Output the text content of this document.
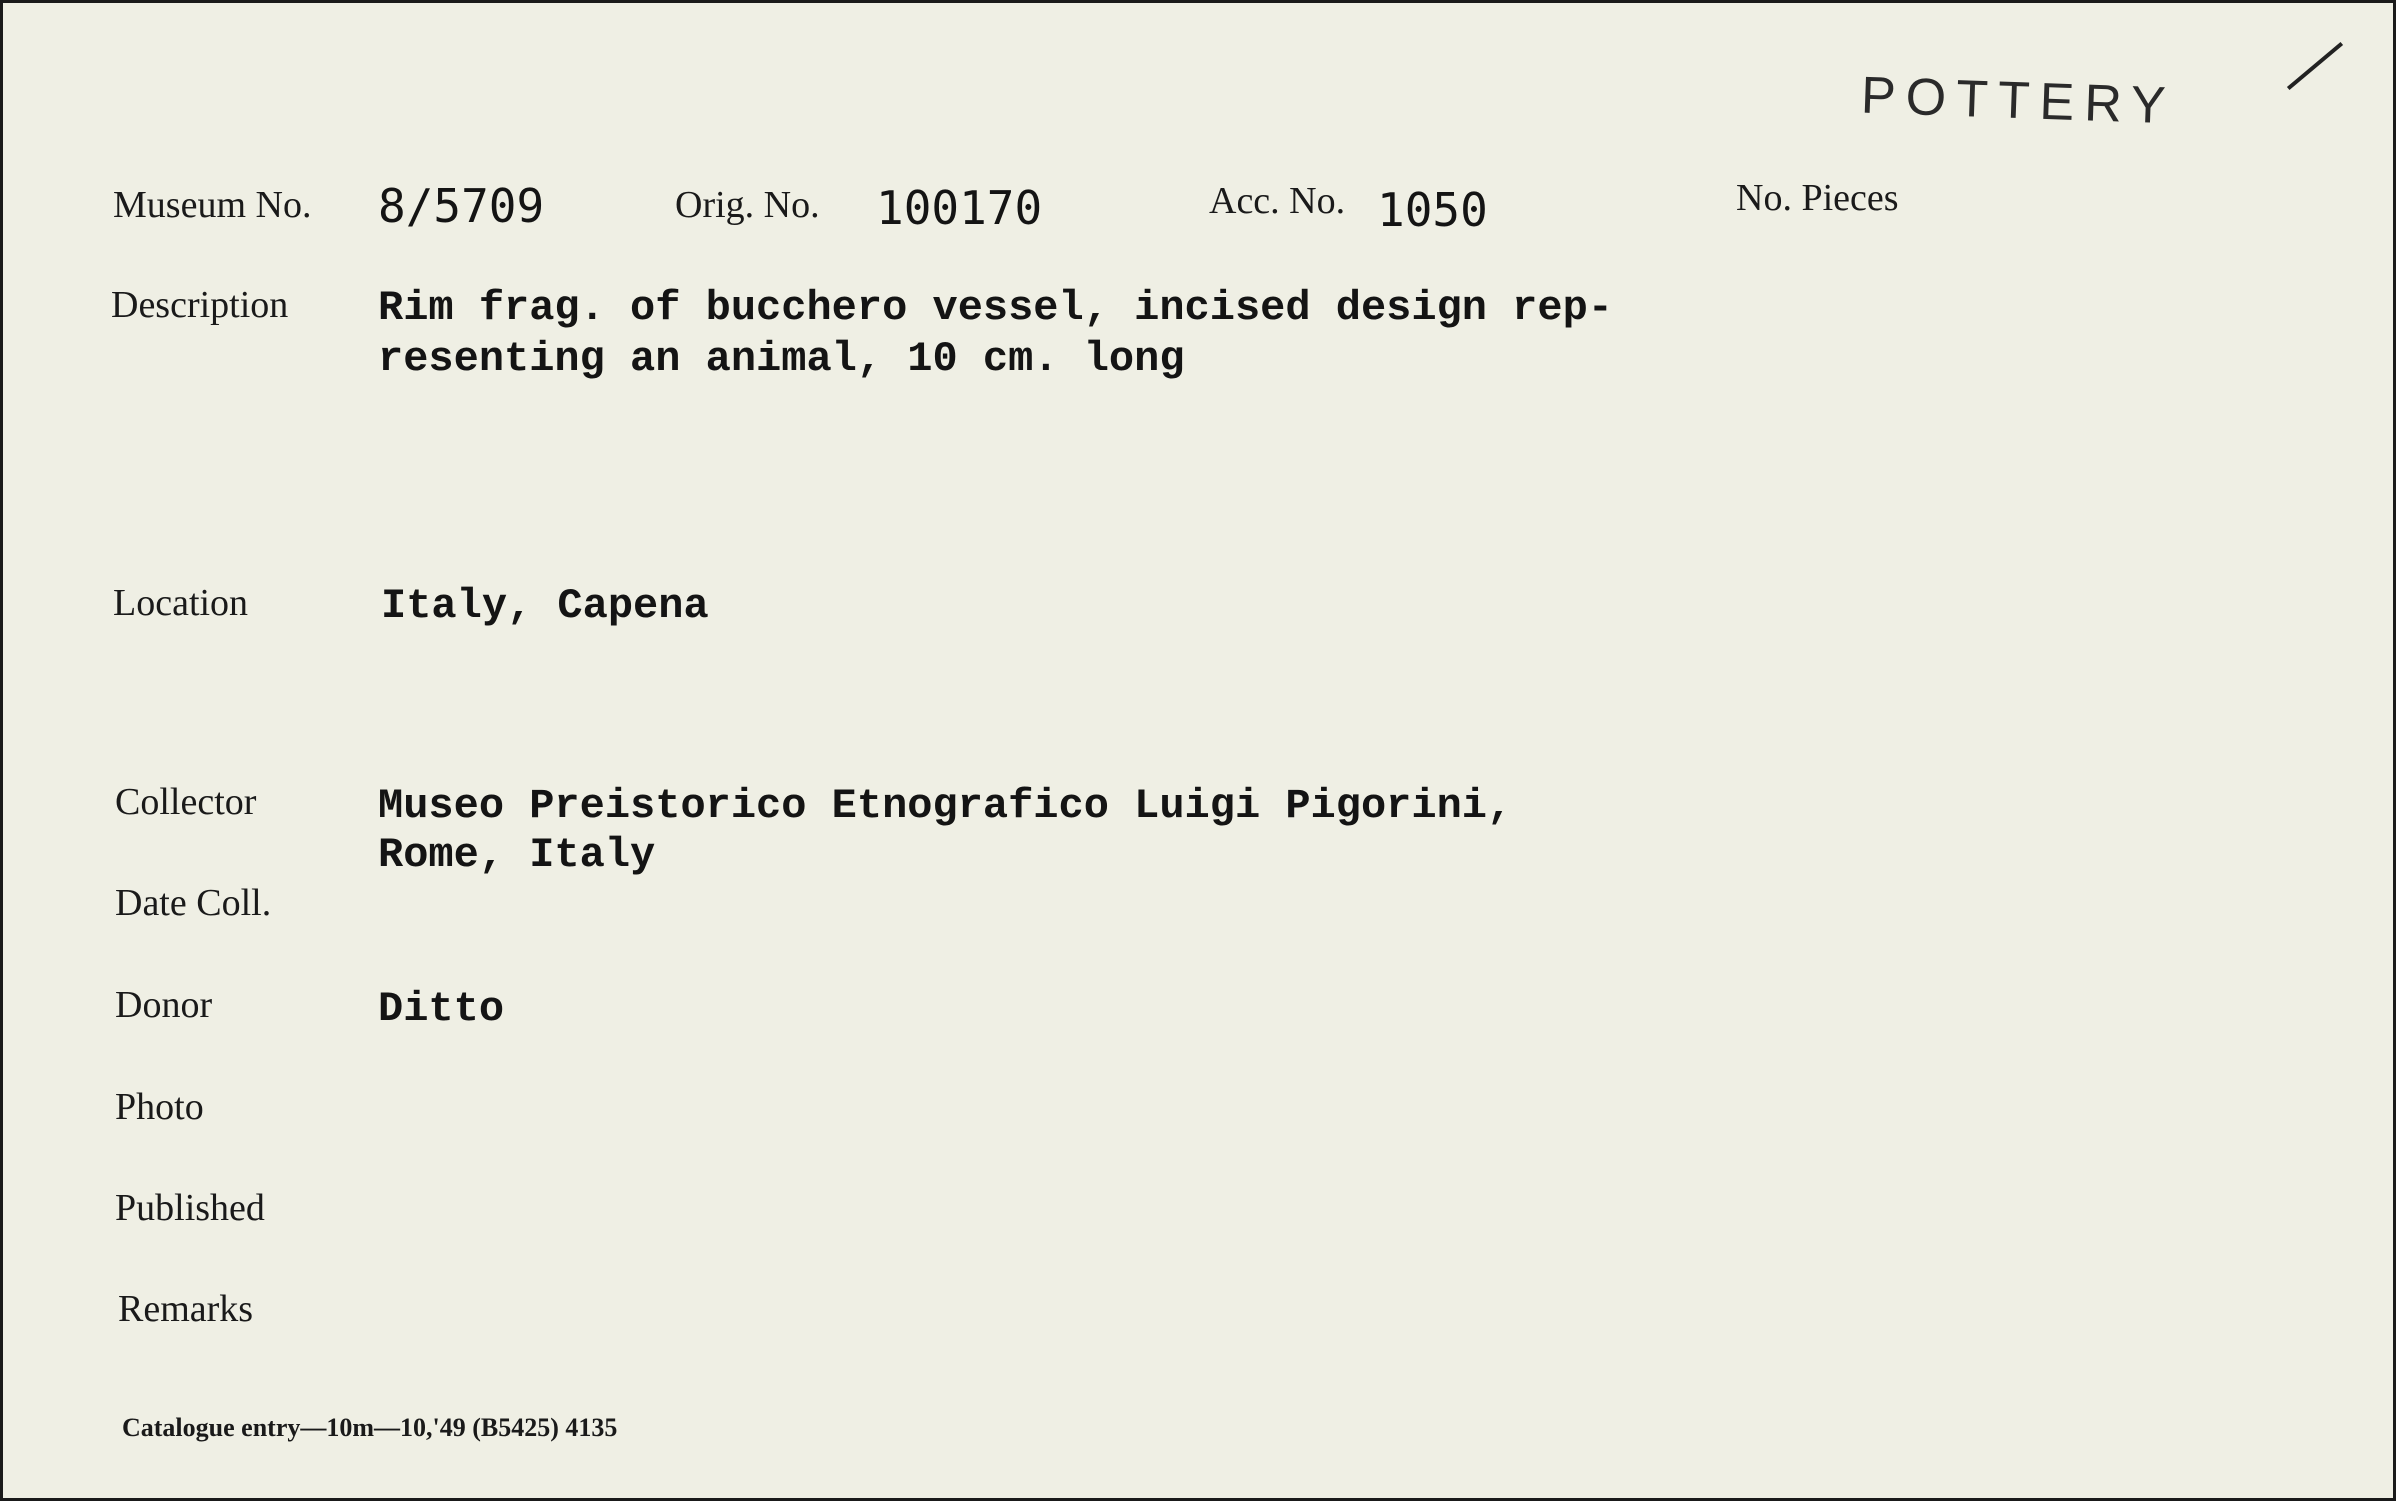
POTTERY
Museum No. 8/5709	Orig. No. 100170	Acc. No. 1050	No. Pieces
Description Rim frag. of bucchero vessel, incised design rep-
resenting an animal, 10 cm. long
Location	Italy, Capena
Collector	Museo Preistorico Etnografico Luigi Pigorini,
Rome, Italy
Date Coll.
Donor	Ditto
Photo
Published
Remarks
Catalogue entry—10m—10,'49 (B5425) 4135
